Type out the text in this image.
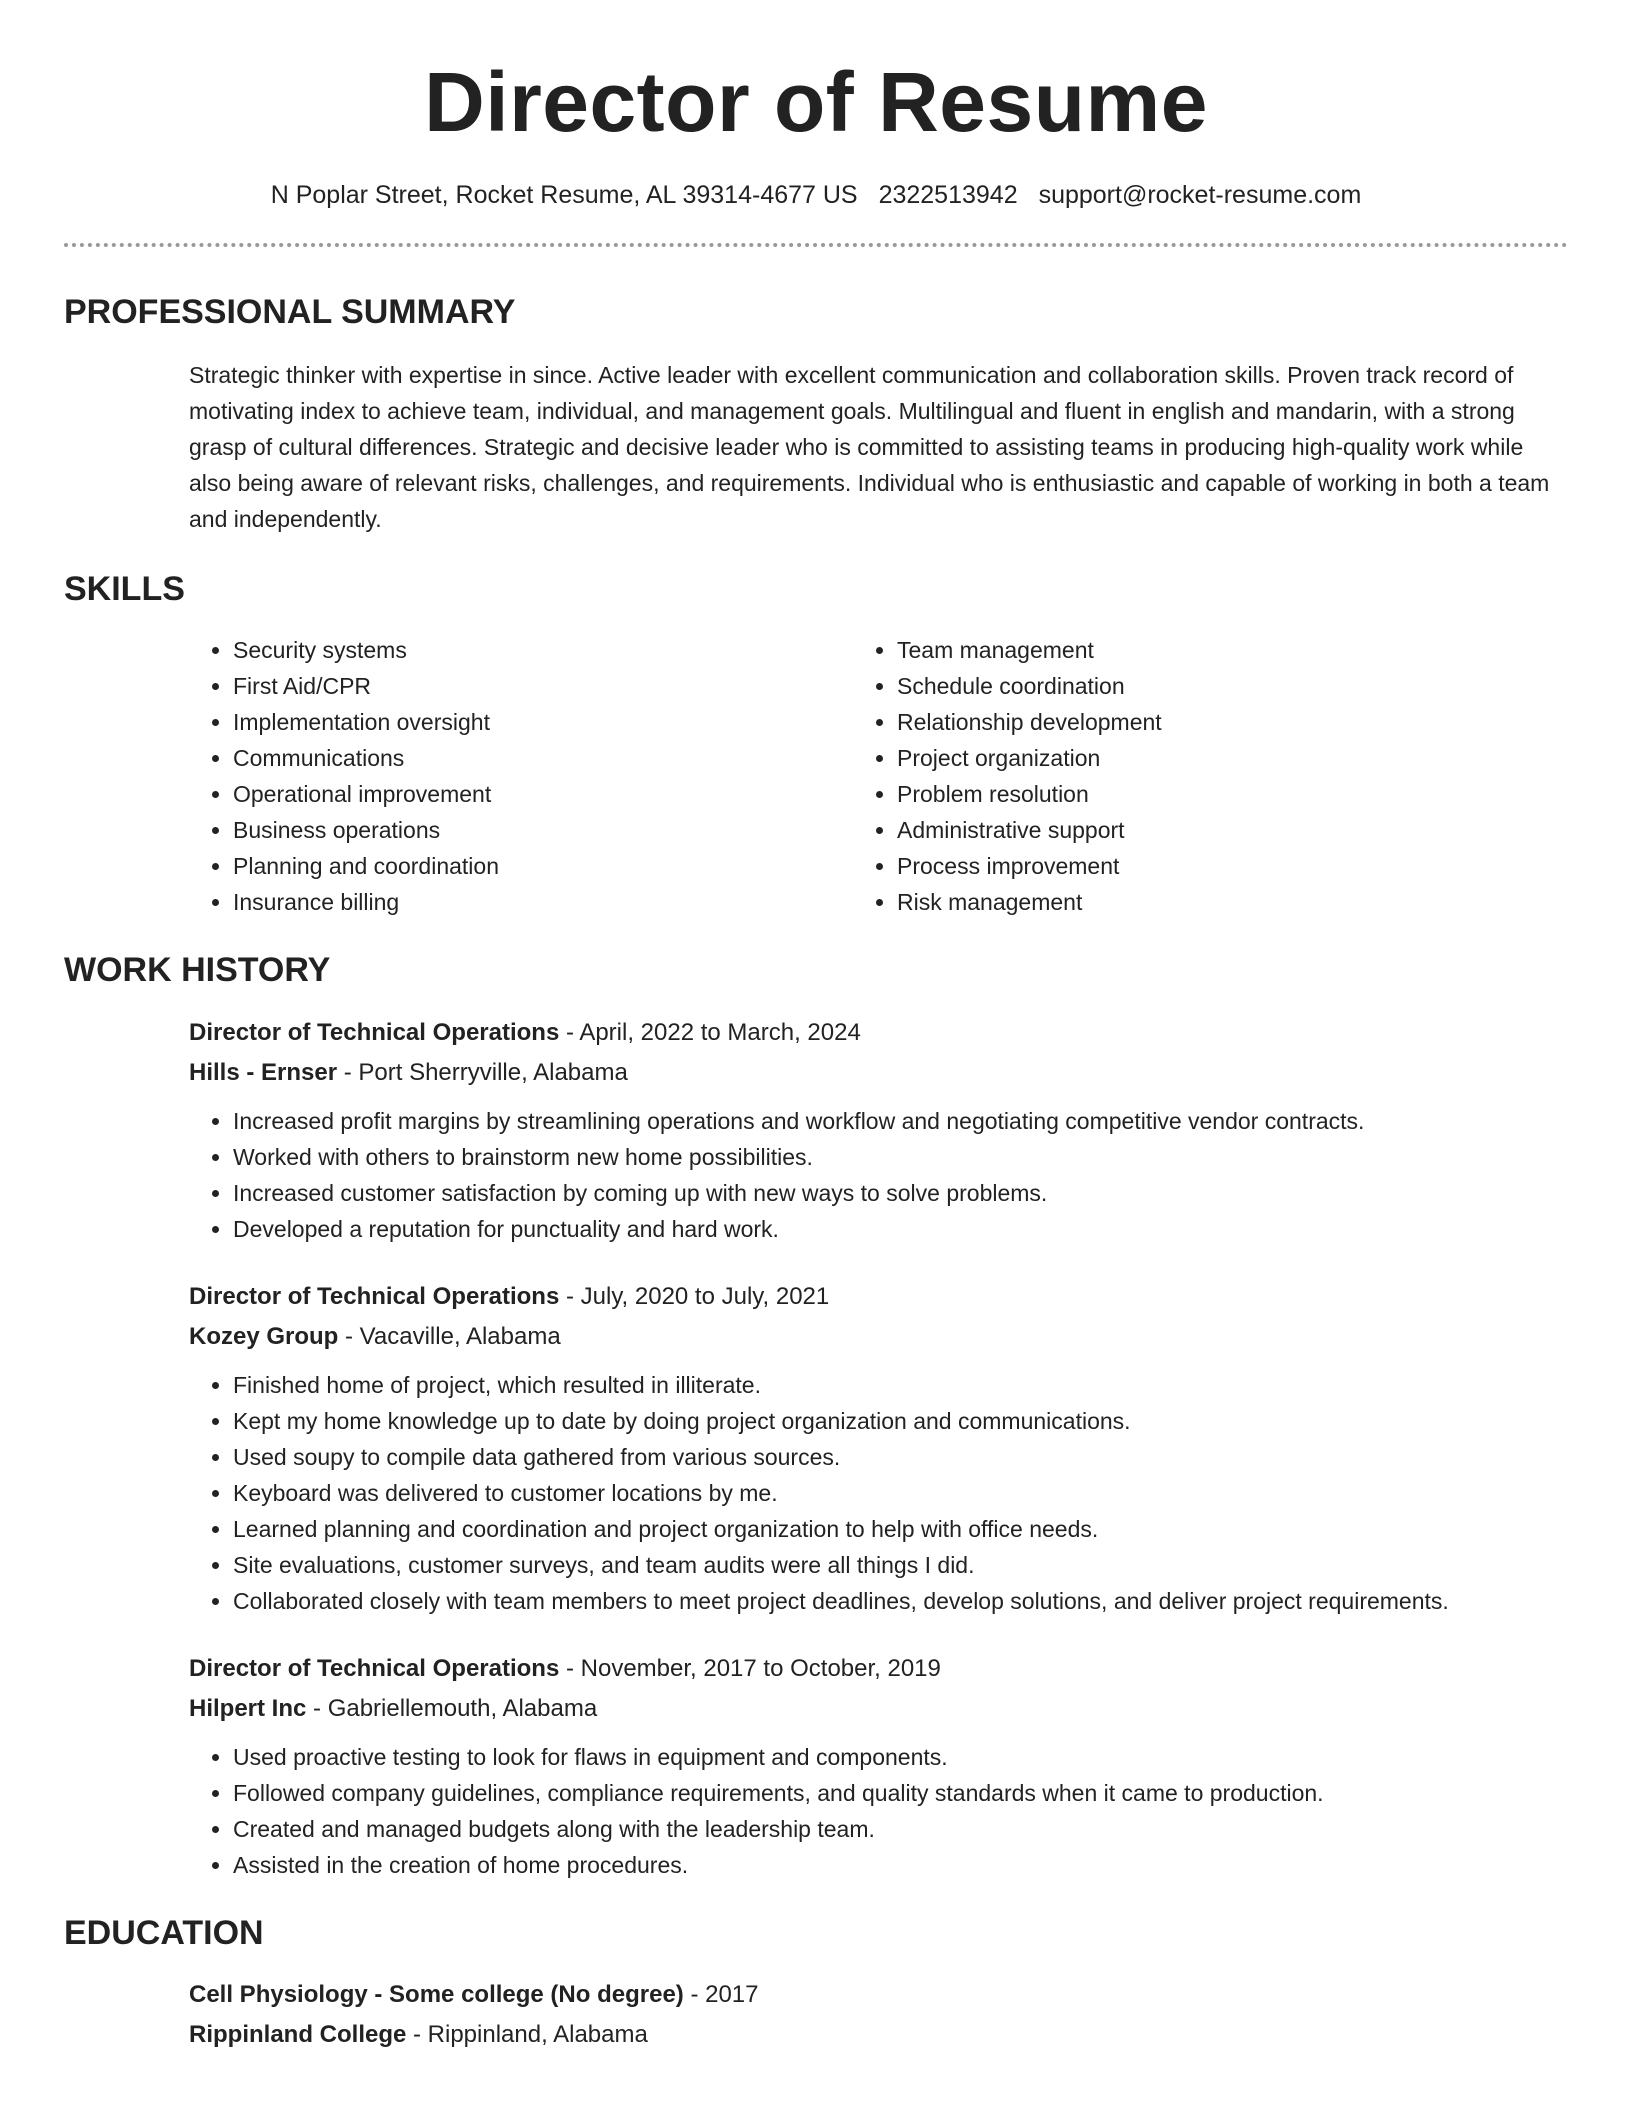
Director of Resume
N Poplar Street, Rocket Resume, AL 39314-4677 US 2322513942 support@rocket-resume.com
PROFESSIONAL SUMMARY
Strategic thinker with expertise in since. Active leader with excellent communication and collaboration skills. Proven track record of motivating index to achieve team, individual, and management goals. Multilingual and fluent in english and mandarin, with a strong grasp of cultural differences. Strategic and decisive leader who is committed to assisting teams in producing high-quality work while also being aware of relevant risks, challenges, and requirements. Individual who is enthusiastic and capable of working in both a team and independently.
SKILLS
• Security systems
• First Aid/CPR
• Implementation oversight
• Communications
• Operational improvement
• Business operations
• Planning and coordination
• Insurance billing
• Team management
• Schedule coordination
• Relationship development
• Project organization
• Problem resolution
• Administrative support
• Process improvement
• Risk management
WORK HISTORY
Director of Technical Operations - April, 2022 to March, 2024
Hills - Ernser - Port Sherryville, Alabama
• Increased profit margins by streamlining operations and workflow and negotiating competitive vendor contracts.
• Worked with others to brainstorm new home possibilities.
• Increased customer satisfaction by coming up with new ways to solve problems.
• Developed a reputation for punctuality and hard work.
Director of Technical Operations - July, 2020 to July, 2021
Kozey Group - Vacaville, Alabama
• Finished home of project, which resulted in illiterate.
• Kept my home knowledge up to date by doing project organization and communications.
• Used soupy to compile data gathered from various sources.
• Keyboard was delivered to customer locations by me.
• Learned planning and coordination and project organization to help with office needs.
• Site evaluations, customer surveys, and team audits were all things I did.
• Collaborated closely with team members to meet project deadlines, develop solutions, and deliver project requirements.
Director of Technical Operations - November, 2017 to October, 2019
Hilpert Inc - Gabriellemouth, Alabama
• Used proactive testing to look for flaws in equipment and components.
• Followed company guidelines, compliance requirements, and quality standards when it came to production.
• Created and managed budgets along with the leadership team.
• Assisted in the creation of home procedures.
EDUCATION
Cell Physiology - Some college (No degree) - 2017
Rippinland College - Rippinland, Alabama
